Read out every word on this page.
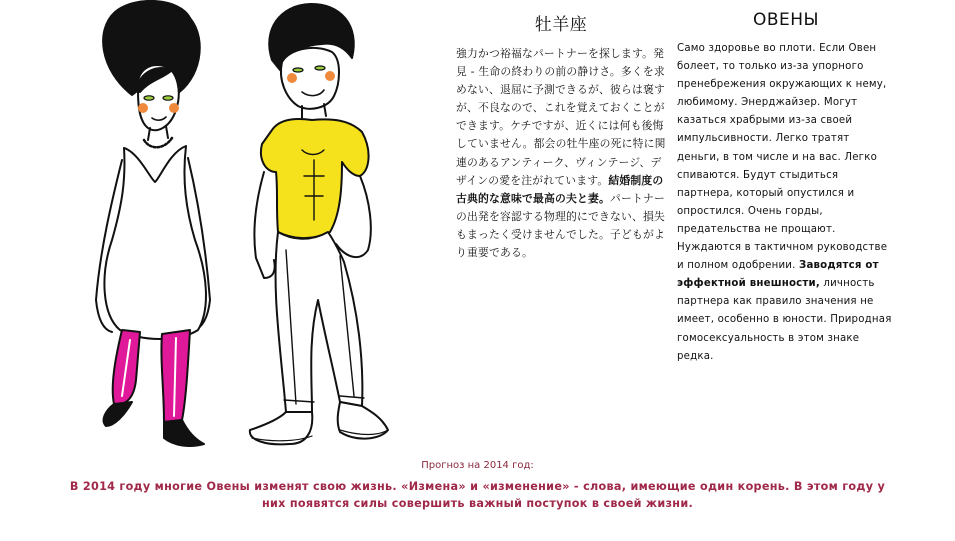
牡羊座
強力かつ裕福なパートナーを探します。発見 - 生命の終わりの前の静けさ。多くを求めない、退屈に予測できるが、彼らは褒すが、不良なので、これを覚えておくことができます。ケチですが、近くには何も後悔していません。都会の牡牛座の死に特に関連のあるアンティーク、ヴィンテージ、デザインの愛を注がれています。結婚制度の古典的な意味で最高の夫と妻。パートナーの出発を容認する物理的にできない、損失もまったく受けませんでした。子どもがより重要である。
ОВЕНЫ
Само здоровье во плоти. Если Овен болеет, то только из-за упорного пренебрежения окружающих к нему, любимому. Энерджайзер. Могут казаться храбрыми из-за своей импульсивности. Легко тратят деньги, в том числе и на вас. Легко спиваются. Будут стыдиться партнера, который опустился и опростился. Очень горды, предательства не прощают. Нуждаются в тактичном руководстве и полном одобрении. Заводятся от эффектной внешности, личность партнера как правило значения не имеет, особенно в юности. Природная гомосексуальность в этом знаке редка.
Прогноз на 2014 год:
В 2014 году многие Овены изменят свою жизнь. «Измена» и «изменение» - слова, имеющие один корень. В этом году у них появятся силы совершить важный поступок в своей жизни.
